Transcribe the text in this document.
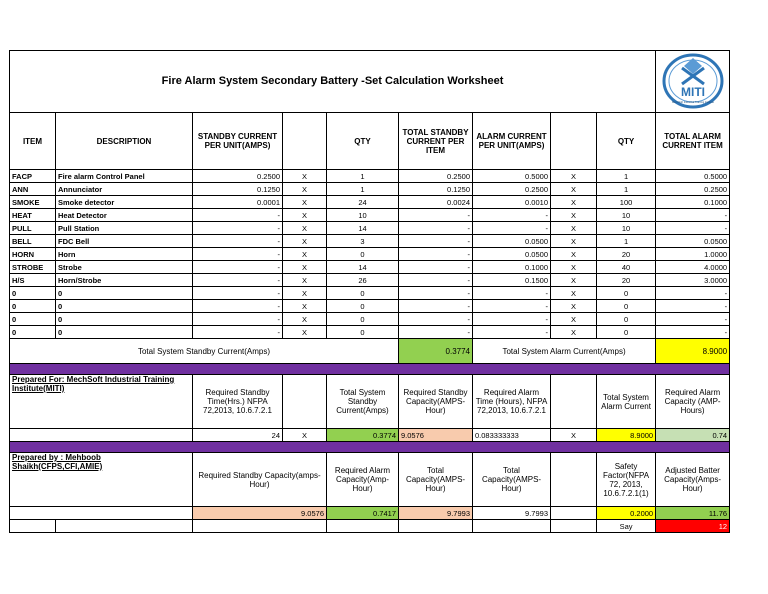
Fire Alarm System Secondary Battery -Set Calculation Worksheet									MITI
MechSoft Industrial Training Institute

ITEM	DESCRIPTION	STANDBY CURRENT PER UNIT(AMPS)		QTY	TOTAL STANDBY CURRENT PER ITEM	ALARM CURRENT PER UNIT(AMPS)		QTY	TOTAL ALARM CURRENT ITEM
FACP	Fire alarm Control Panel	0.2500	X	1	0.2500	0.5000	X	1	0.5000
ANN	Annunciator	0.1250	X	1	0.1250	0.2500	X	1	0.2500
SMOKE	Smoke detector	0.0001	X	24	0.0024	0.0010	X	100	0.1000
HEAT	Heat Detector	-	X	10	-	-	X	10	-
PULL	Pull Station	-	X	14	-	-	X	10	-
BELL	FDC Bell	-	X	3	-	0.0500	X	1	0.0500
HORN	Horn	-	X	0	-	0.0500	X	20	1.0000
STROBE	Strobe	-	X	14	-	0.1000	X	40	4.0000
H/S	Horn/Strobe	-	X	26	-	0.1500	X	20	3.0000
0	0	-	X	0	-	-	X	0	-
0	0	-	X	0	-	-	X	0	-
0	0	-	X	0	-	-	X	0	-
0	0	-	X	0	-	-	X	0	-
Total System Standby Current(Amps)					0.3774	Total System Alarm Current(Amps)			8.9000

Prepared For: MechSoft Industrial Training Institute(MITI)		Required Standby Time(Hrs.) NFPA 72,2013, 10.6.7.2.1		Total System Standby Current(Amps)	Required Standby Capacity(AMPS-Hour)	Required Alarm Time (Hours), NFPA 72,2013, 10.6.7.2.1		Total System Alarm Current	Required Alarm Capacity (AMP-Hours)
		24	X	0.3774	9.0576	0.083333333	X	8.9000	0.74

Prepared by : Mehboob Shaikh(CFPS,CFI,AMIE)		Required Standby Capacity(amps- Hour)		Required Alarm Capacity(Amp-Hour)	Total Capacity(AMPS-Hour)	Total Capacity(AMPS-Hour)		Safety Factor(NFPA 72, 2013, 10.6.7.2.1(1)	Adjusted Batter Capacity(Amps-Hour)
		9.0576		0.7417	9.7993	9.7993		0.2000	11.76
								Say	12
